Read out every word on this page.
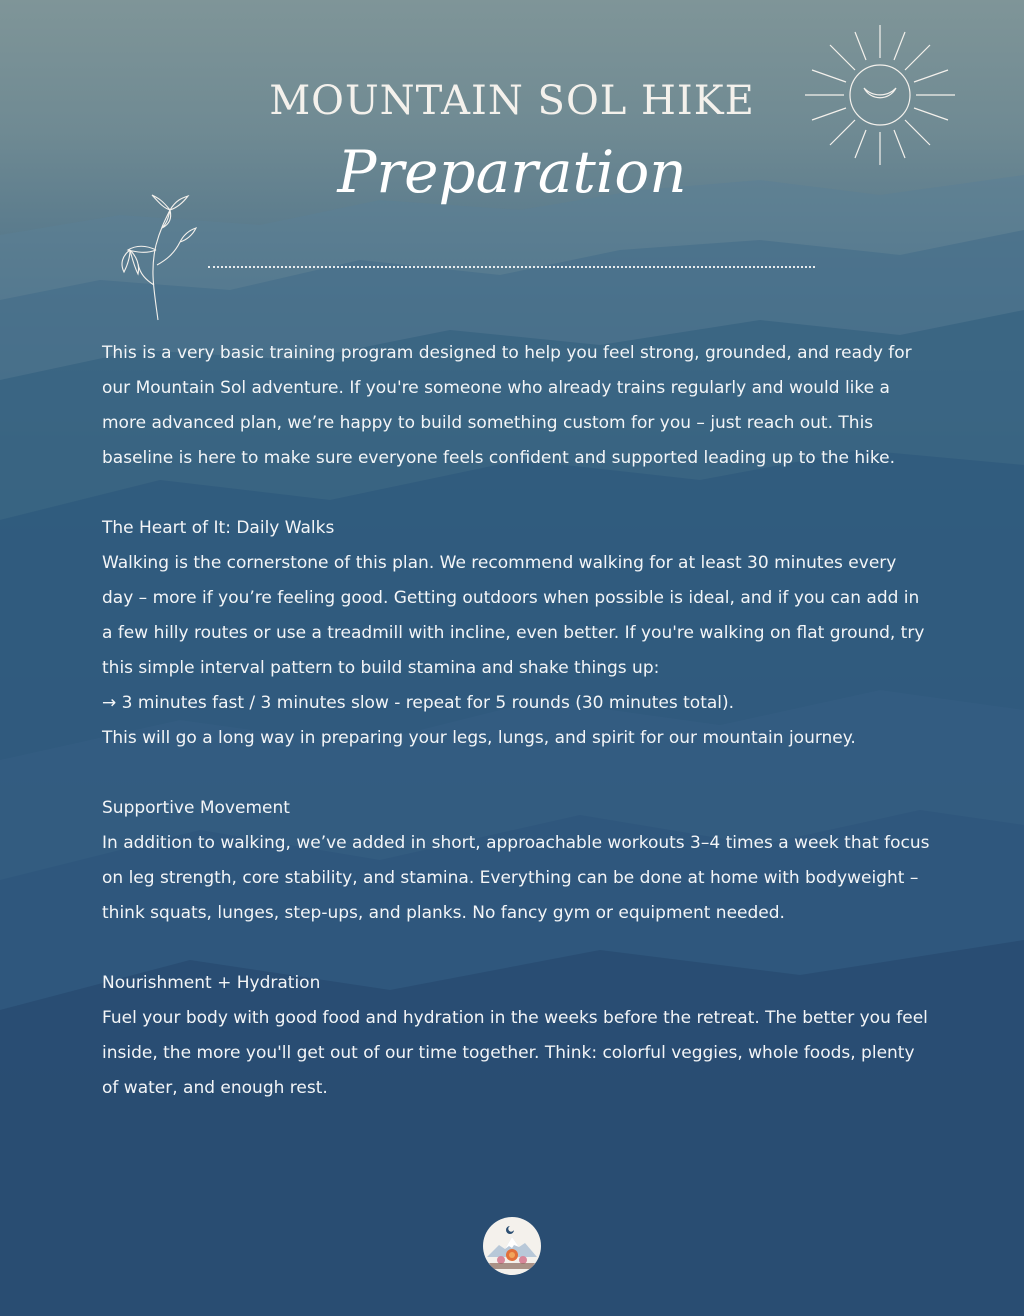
MOUNTAIN SOL HIKE
Preparation

This is a very basic training program designed to help you feel strong, grounded, and ready for our Mountain Sol adventure. If you're someone who already trains regularly and would like a more advanced plan, we’re happy to build something custom for you – just reach out. This baseline is here to make sure everyone feels confident and supported leading up to the hike.

The Heart of It: Daily Walks

Walking is the cornerstone of this plan. We recommend walking for at least 30 minutes every day – more if you’re feeling good. Getting outdoors when possible is ideal, and if you can add in a few hilly routes or use a treadmill with incline, even better. If you're walking on flat ground, try this simple interval pattern to build stamina and shake things up:

→ 3 minutes fast / 3 minutes slow - repeat for 5 rounds (30 minutes total).

This will go a long way in preparing your legs, lungs, and spirit for our mountain journey.

Supportive Movement

In addition to walking, we’ve added in short, approachable workouts 3–4 times a week that focus on leg strength, core stability, and stamina. Everything can be done at home with bodyweight – think squats, lunges, step-ups, and planks. No fancy gym or equipment needed.

Nourishment + Hydration

Fuel your body with good food and hydration in the weeks before the retreat. The better you feel inside, the more you'll get out of our time together. Think: colorful veggies, whole foods, plenty of water, and enough rest.
